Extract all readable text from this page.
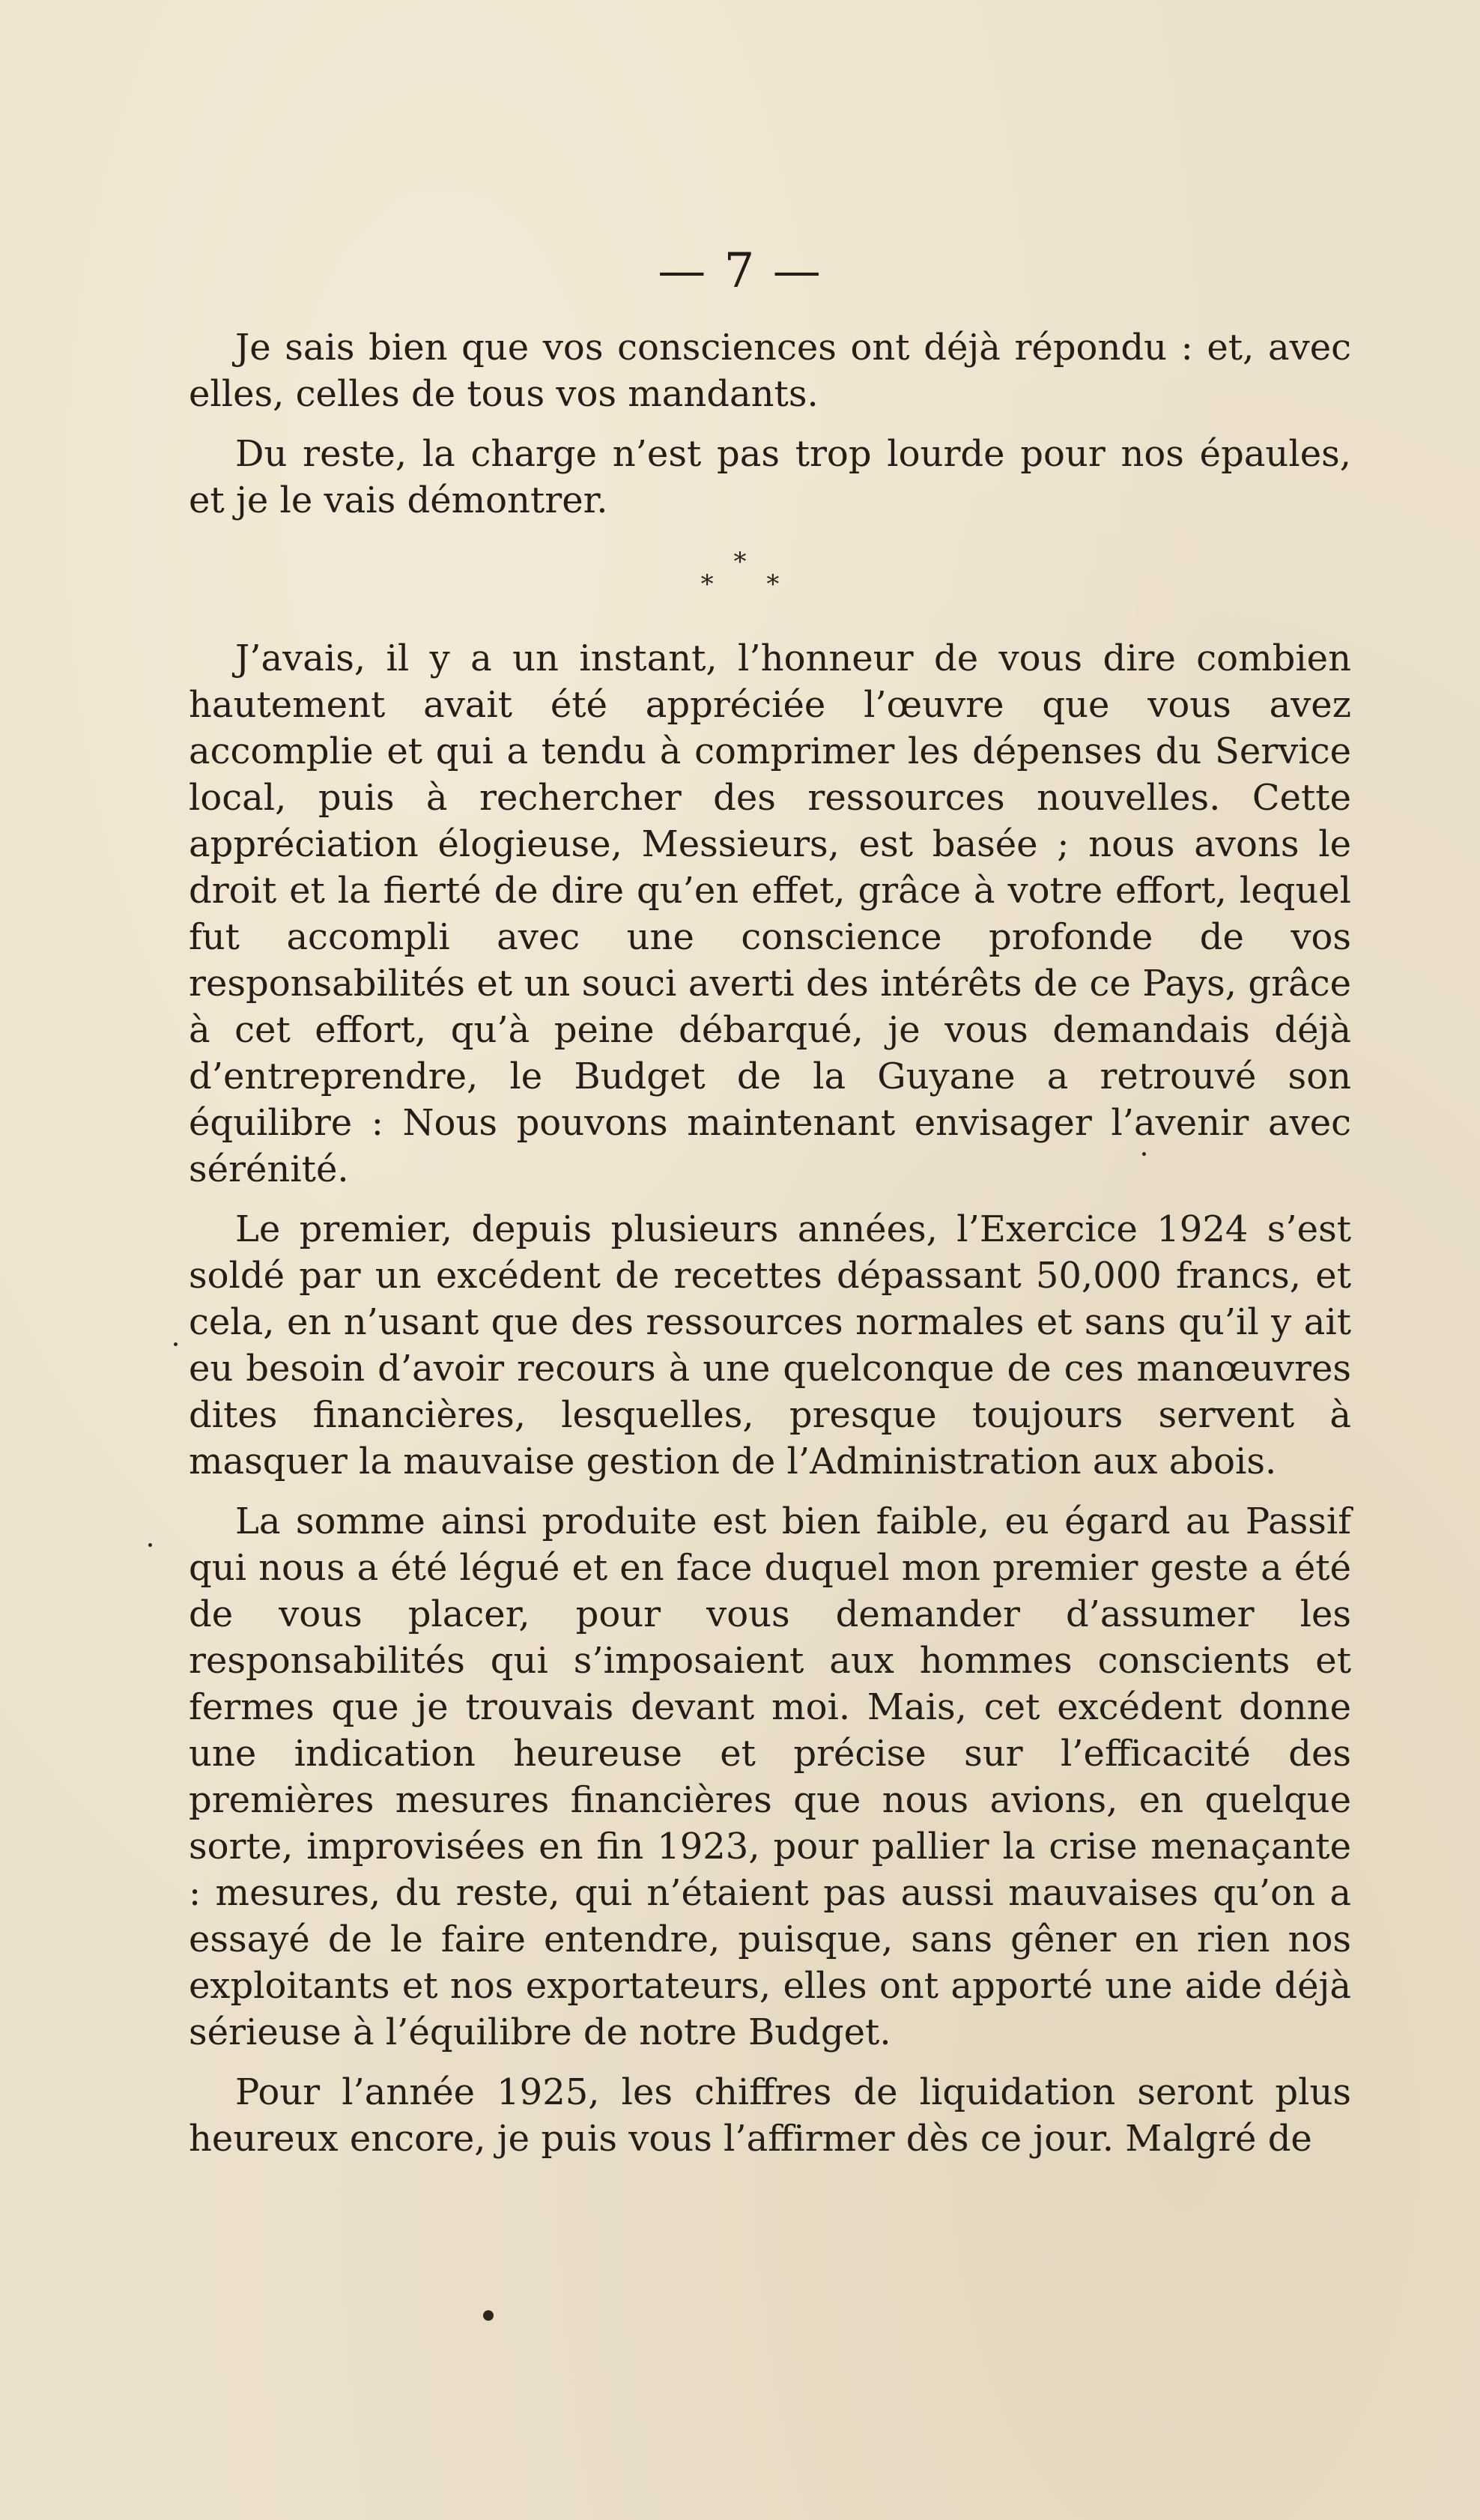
— 7 —

Je sais bien que vos consciences ont déjà répondu : et, avec elles, celles de tous vos mandants.

Du reste, la charge n’est pas trop lourde pour nos épaules, et je le vais démontrer.

*
* *

J’avais, il y a un instant, l’honneur de vous dire combien hautement avait été appréciée l’œuvre que vous avez accomplie et qui a tendu à comprimer les dépenses du Service local, puis à rechercher des ressources nouvelles. Cette appréciation élogieuse, Messieurs, est basée ; nous avons le droit et la fierté de dire qu’en effet, grâce à votre effort, lequel fut accompli avec une conscience profonde de vos responsabilités et un souci averti des intérêts de ce Pays, grâce à cet effort, qu’à peine débarqué, je vous demandais déjà d’entreprendre, le Budget de la Guyane a retrouvé son équilibre : Nous pouvons maintenant envisager l’avenir avec sérénité.

Le premier, depuis plusieurs années, l’Exercice 1924 s’est soldé par un excédent de recettes dépassant 50,000 francs, et cela, en n’usant que des ressources normales et sans qu’il y ait eu besoin d’avoir recours à une quelconque de ces manœuvres dites financières, lesquelles, presque toujours servent à masquer la mauvaise gestion de l’Administration aux abois.

La somme ainsi produite est bien faible, eu égard au Passif qui nous a été légué et en face duquel mon premier geste a été de vous placer, pour vous demander d’assumer les responsabilités qui s’imposaient aux hommes conscients et fermes que je trouvais devant moi. Mais, cet excédent donne une indication heureuse et précise sur l’efficacité des premières mesures financières que nous avions, en quelque sorte, improvisées en fin 1923, pour pallier la crise menaçante : mesures, du reste, qui n’étaient pas aussi mauvaises qu’on a essayé de le faire entendre, puisque, sans gêner en rien nos exploitants et nos exportateurs, elles ont apporté une aide déjà sérieuse à l’équilibre de notre Budget.

Pour l’année 1925, les chiffres de liquidation seront plus heureux encore, je puis vous l’affirmer dès ce jour. Malgré de
